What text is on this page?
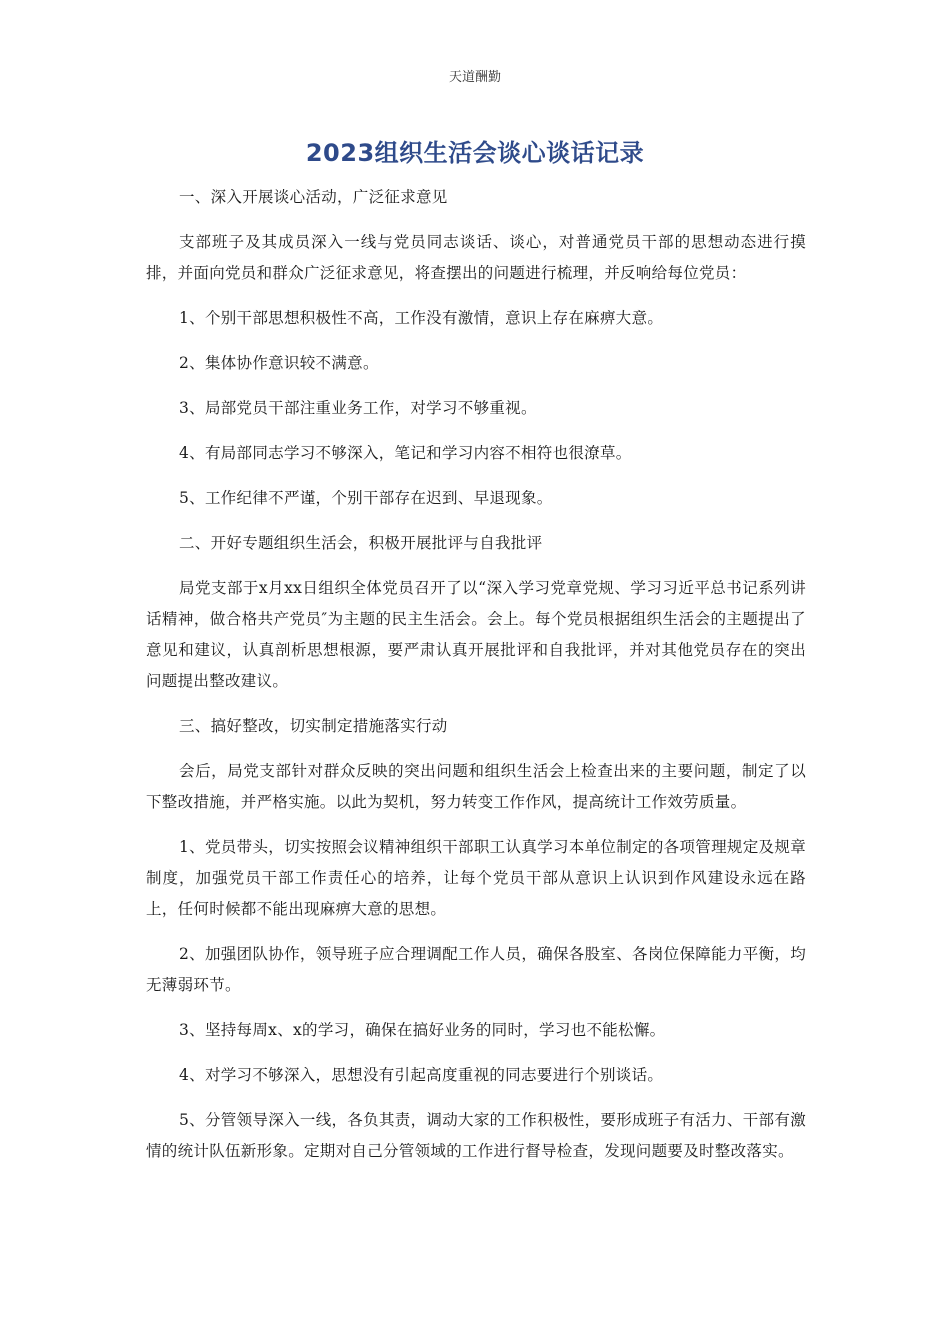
天道酬勤
2023组织生活会谈心谈话记录

一、深入开展谈心活动，广泛征求意见

支部班子及其成员深入一线与党员同志谈话、谈心，对普通党员干部的思想动态进行摸排，并面向党员和群众广泛征求意见，将查摆出的问题进行梳理，并反响给每位党员：

1、个别干部思想积极性不高，工作没有激情，意识上存在麻痹大意。

2、集体协作意识较不满意。

3、局部党员干部注重业务工作，对学习不够重视。

4、有局部同志学习不够深入，笔记和学习内容不相符也很潦草。

5、工作纪律不严谨，个别干部存在迟到、早退现象。

二、开好专题组织生活会，积极开展批评与自我批评

局党支部于x月xx日组织全体党员召开了以“深入学习党章党规、学习习近平总书记系列讲话精神，做合格共产党员″为主题的民主生活会。会上。每个党员根据组织生活会的主题提出了意见和建议，认真剖析思想根源，要严肃认真开展批评和自我批评，并对其他党员存在的突出问题提出整改建议。

三、搞好整改，切实制定措施落实行动

会后，局党支部针对群众反映的突出问题和组织生活会上检查出来的主要问题，制定了以下整改措施，并严格实施。以此为契机，努力转变工作作风，提高统计工作效劳质量。

1、党员带头，切实按照会议精神组织干部职工认真学习本单位制定的各项管理规定及规章制度，加强党员干部工作责任心的培养，让每个党员干部从意识上认识到作风建设永远在路上，任何时候都不能出现麻痹大意的思想。

2、加强团队协作，领导班子应合理调配工作人员，确保各股室、各岗位保障能力平衡，均无薄弱环节。

3、坚持每周x、x的学习，确保在搞好业务的同时，学习也不能松懈。

4、对学习不够深入，思想没有引起高度重视的同志要进行个别谈话。

5、分管领导深入一线，各负其责，调动大家的工作积极性，要形成班子有活力、干部有激情的统计队伍新形象。定期对自己分管领域的工作进行督导检查，发现问题要及时整改落实。
